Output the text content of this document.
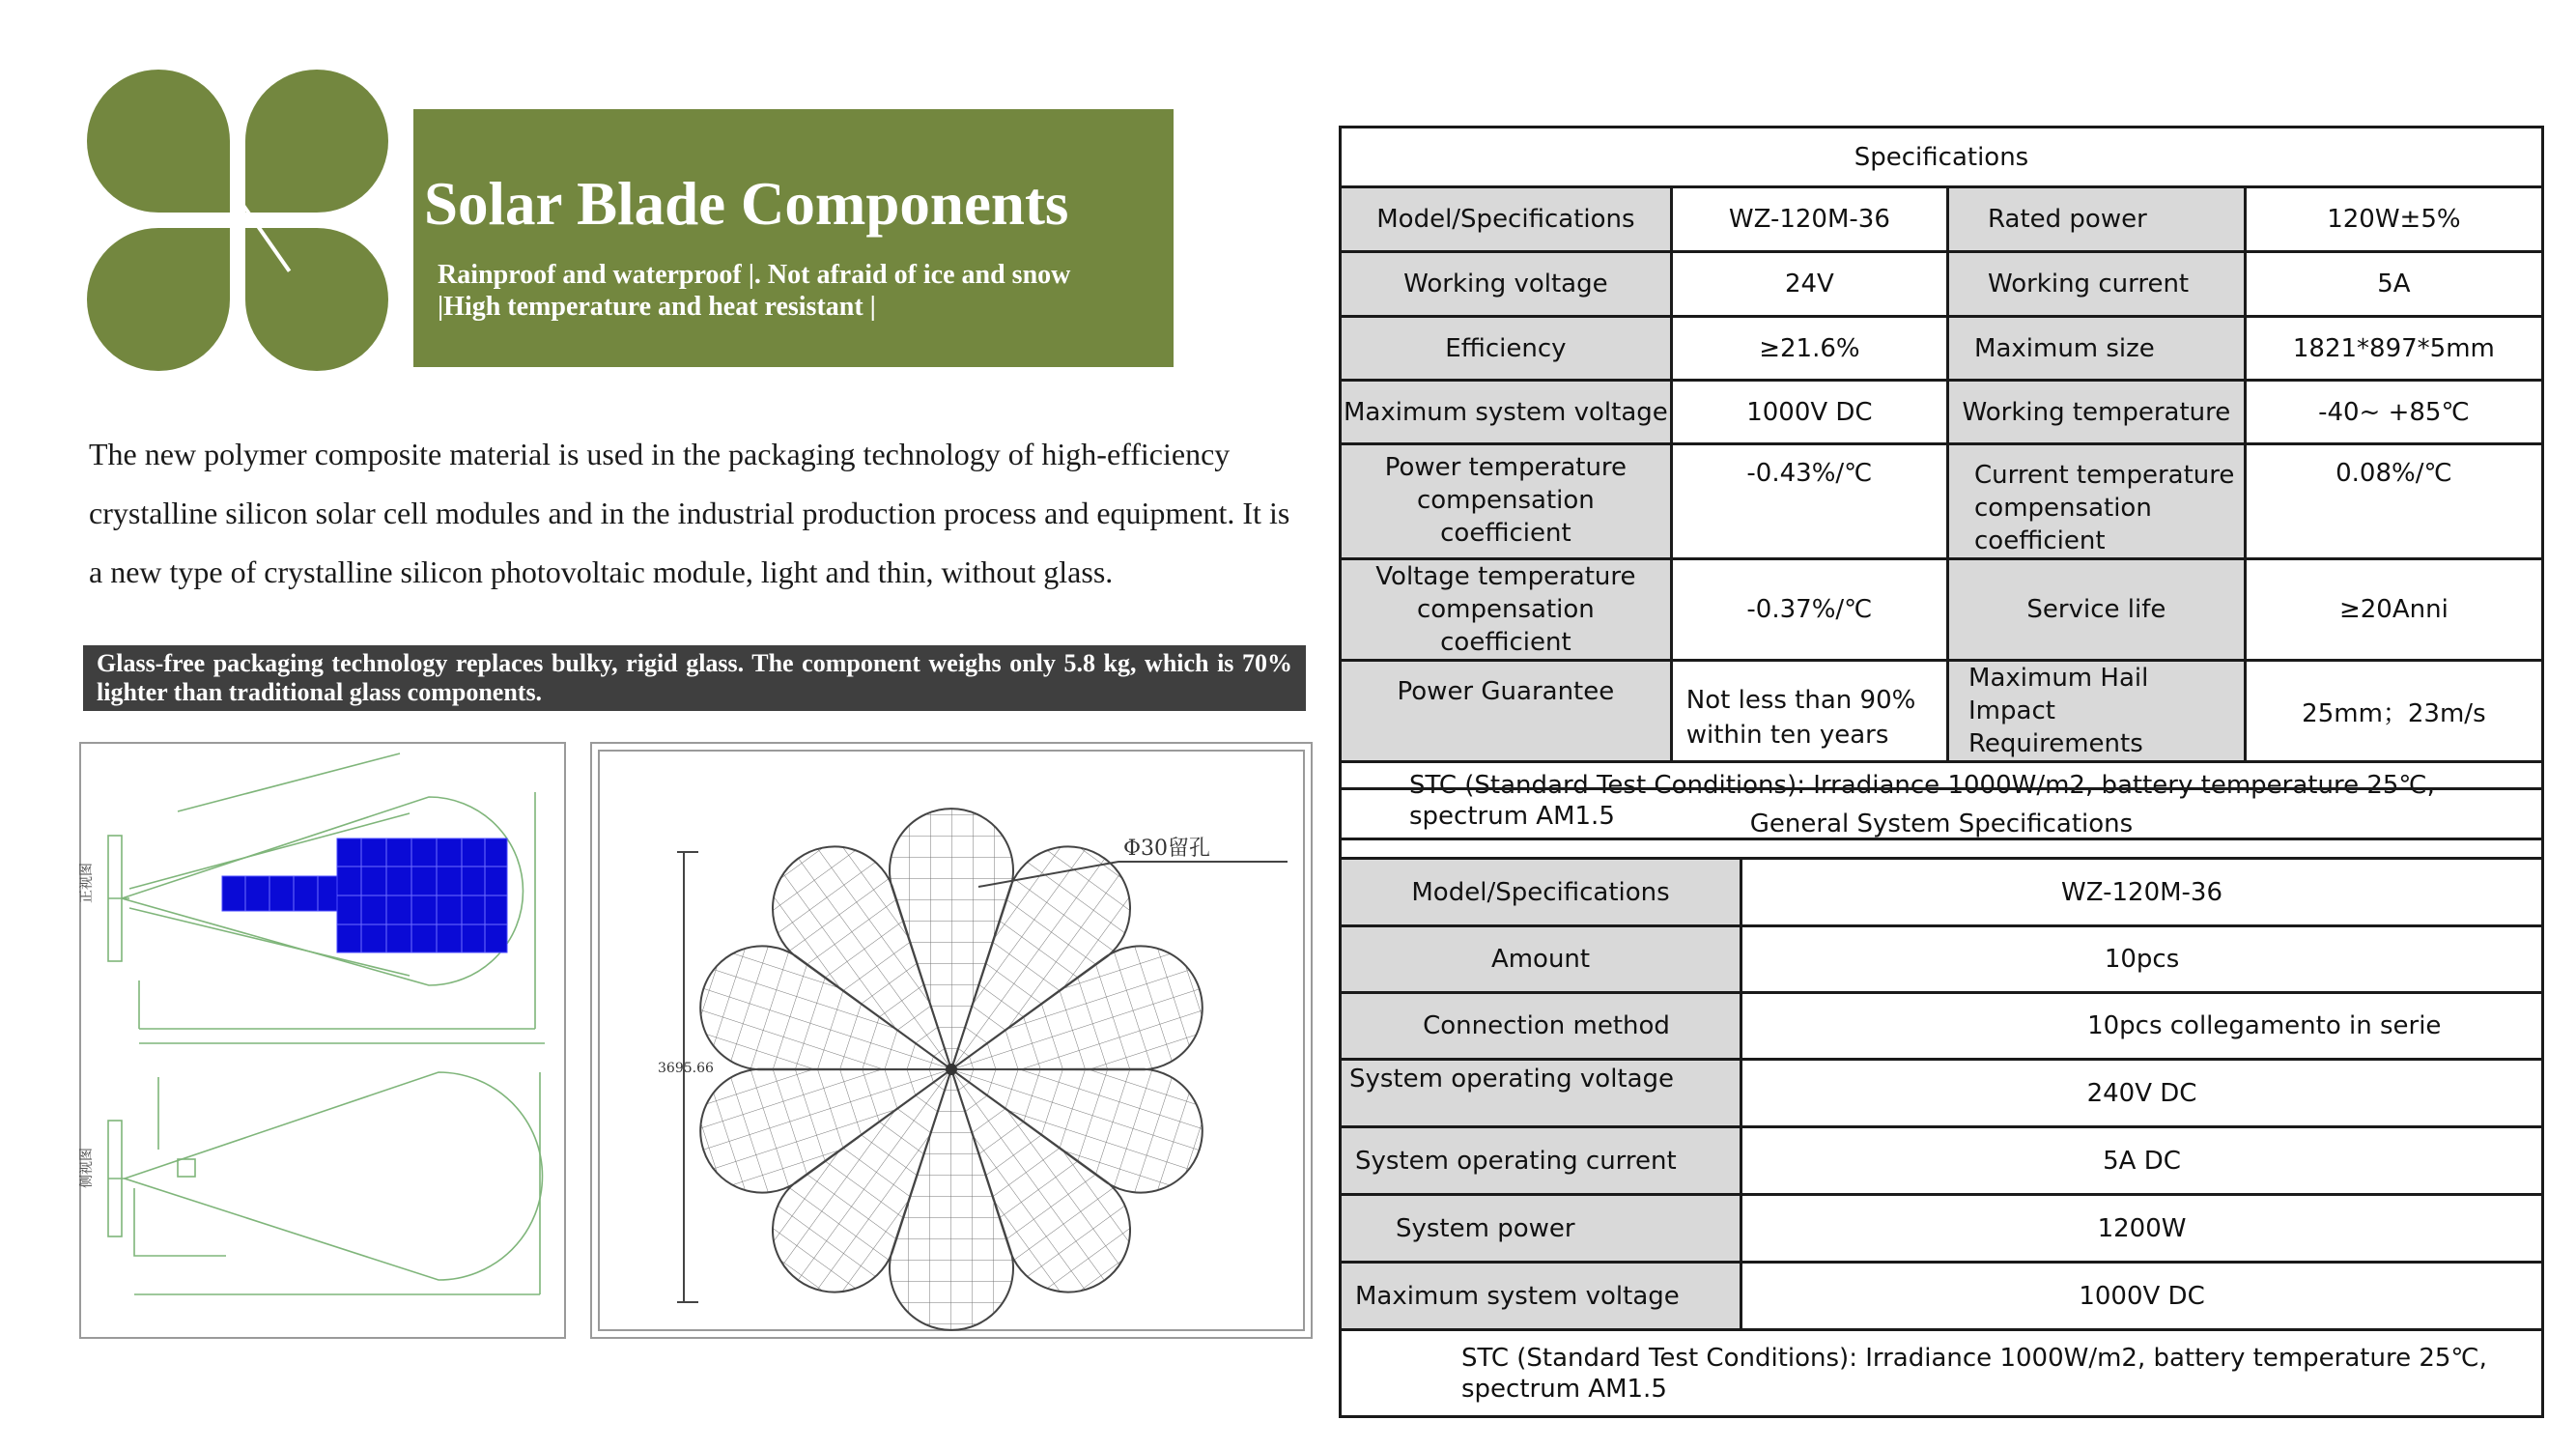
Solar Blade Components
Rainproof and waterproof |. Not afraid of ice and snow
|High temperature and heat resistant |
The new polymer composite material is used in the packaging technology of high-efficiency crystalline silicon solar cell modules and in the industrial production process and equipment. It is a new type of crystalline silicon photovoltaic module, light and thin, without glass.
Glass-free packaging technology replaces bulky, rigid glass. The component weighs only 5.8 kg, which is 70% lighter than traditional glass components.
正视图
侧视图
Φ30留孔
3695.66
Specifications			
Model/Specifications	WZ-120M-36	Rated power	120W±5%
Working voltage	24V	Working current	5A
Efficiency	≥21.6%	Maximum size	1821*897*5mm
Maximum system voltage	1000V DC	Working temperature	-40~ +85℃
Power temperature compensation coefficient	-0.43%/℃	Current temperature compensation coefficient	0.08%/℃
Voltage temperature compensation coefficient	-0.37%/℃	Service life	≥20Anni
Power Guarantee	Not less than 90% within ten years	Maximum Hail Impact Requirements	25mm；23m/s
STC (Standard Test Conditions): Irradiance 1000W/m2, battery temperature 25℃, spectrum AM1.5				General System Specifications	
Model/Specifications	WZ-120M-36
Amount	10pcs
Connection method	10pcs collegamento in serie
System operating voltage	240V DC
System operating current	5A DC
System power	1200W
Maximum system voltage	1000V DC
STC (Standard Test Conditions): Irradiance 1000W/m2, battery temperature 25℃, spectrum AM1.5	
